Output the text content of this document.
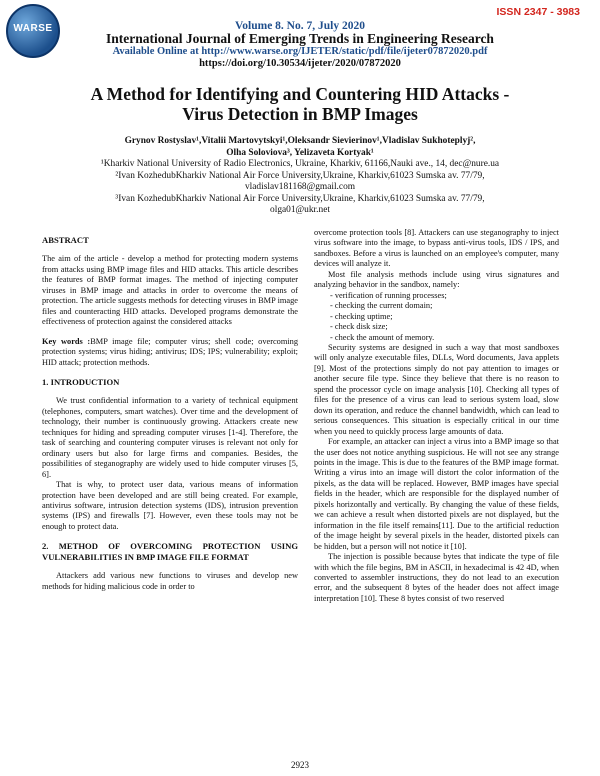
ISSN 2347 - 3983
WARSE	Volume 8. No. 7, July 2020
International Journal of Emerging Trends in Engineering Research
Available Online at http://www.warse.org/IJETER/static/pdf/file/ijeter07872020.pdf
https://doi.org/10.30534/ijeter/2020/07872020
A Method for Identifying and Countering HID Attacks -
Virus Detection in BMP Images
Grynov Rostyslav¹,Vitalii Martovytskyi¹,Oleksandr Sievierinov¹,Vladislav Sukhoteplyj²,
Olha Soloviova³, Yelizaveta Kortyak¹
¹Kharkiv National University of Radio Electronics, Ukraine, Kharkiv, 61166,Nauki ave., 14, dec@nure.ua
²Ivan KozhedubKharkiv National Air Force University,Ukraine, Kharkiv,61023 Sumska av. 77/79,
vladislav181168@gmail.com
³Ivan KozhedubKharkiv National Air Force University,Ukraine, Kharkiv,61023 Sumska av. 77/79,
olga01@ukr.net

ABSTRACT

The aim of the article - develop a method for protecting modern systems from attacks using BMP image files and HID attacks. This article describes the features of BMP format images. The method of injecting computer viruses in BMP image and attacks in order to overcome the means of protection. The article suggests methods for detecting viruses in BMP image files and counteracting HID attacks. Developed programs demonstrate the effectiveness of protection against the considered attacks

Key words :BMP image file; computer virus; shell code; overcoming protection systems; virus hiding; antivirus; IDS; IPS; vulnerability; exploit; HID attack; protection methods.

1. INTRODUCTION

We trust confidential information to a variety of technical equipment (telephones, computers, smart watches). Over time and the development of technology, their number is continuously growing. Attackers create new techniques for hiding and spreading computer viruses [1-4]. Therefore, the task of searching and countering computer viruses is relevant not only for ordinary users but also for large firms and companies. Besides, the possibilities of steganography are widely used to hide computer viruses [5, 6].

That is why, to protect user data, various means of information protection have been developed and are still being created. For example, antivirus software, intrusion detection systems (IDS), intrusion prevention systems (IPS) and firewalls [7]. However, even these tools may not be enough to protect data.

2. METHOD OF OVERCOMING PROTECTION USING VULNERABILITIES IN BMP IMAGE FILE FORMAT

Attackers add various new functions to viruses and develop new methods for hiding malicious code in order to

overcome protection tools [8]. Attackers can use steganography to inject virus software into the image, to bypass anti-virus tools, IDS / IPS, and sandboxes. Before a virus is launched on an employee's computer, many devices will analyze it.

Most file analysis methods include using virus signatures and analyzing behavior in the sandbox, namely:

- verification of running processes;

- checking the current domain;

- checking uptime;

- check disk size;

- check the amount of memory.

Security systems are designed in such a way that most sandboxes will only analyze executable files, DLLs, Word documents, Java applets [9]. Most of the protections simply do not pay attention to images or another secure file type. Since they believe that there is no reason to spend the processor cycle on image analysis [10]. Checking all types of files for the presence of a virus can lead to serious system load, slow down its operation, and reduce the channel bandwidth, which can lead to serious consequences. This situation is especially critical in our time when you need to quickly process large amounts of data.

For example, an attacker can inject a virus into a BMP image so that the user does not notice anything suspicious. He will not see any strange points in the image. This is due to the features of the BMP image format. Writing a virus into an image will distort the color information of the pixels, as the data will be replaced. However, BMP images have special fields in the header, which are responsible for the displayed number of pixels horizontally and vertically. By changing the value of these fields, we can achieve a result when distorted pixels are not displayed, but the information in the file itself remains[11]. Due to the artificial reduction of the image height by several pixels in the header, distorted pixels can be hidden, but a person will not notice it [10].

The injection is possible because bytes that indicate the type of file with which the file begins, BM in ASCII, in hexadecimal is 42 4D, when converted to assembler instructions, they do not lead to an execution error, and the subsequent 8 bytes of the header does not affect image interpretation [10]. These 8 bytes consist of two reserved

2923
